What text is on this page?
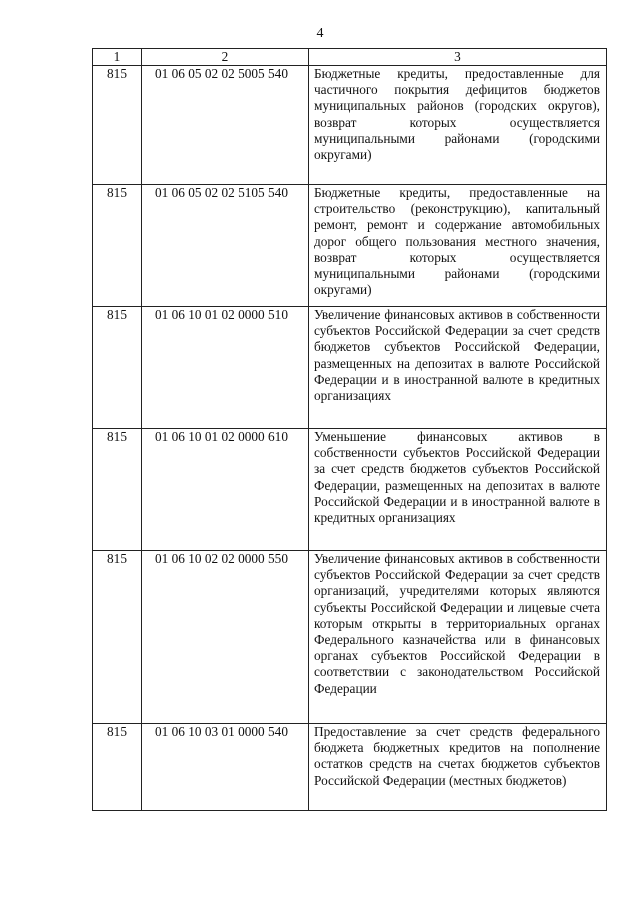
4
1	2	3
815	01 06 05 02 02 5005 540	Бюджетные кредиты, предоставленные для частичного покрытия дефицитов бюджетов муниципальных районов (городских округов), возврат которых осуществляется муниципальными районами (городскими округами)
815	01 06 05 02 02 5105 540	Бюджетные кредиты, предоставленные на строительство (реконструкцию), капитальный ремонт, ремонт и содержание автомобильных дорог общего пользования местного значения, возврат которых осуществляется муниципальными районами (городскими округами)
815	01 06 10 01 02 0000 510	Увеличение финансовых активов в собственности субъектов Российской Федерации за счет средств бюджетов субъектов Российской Федерации, размещенных на депозитах в валюте Российской Федерации и в иностранной валюте в кредитных организациях
815	01 06 10 01 02 0000 610	Уменьшение финансовых активов в собственности субъектов Российской Федерации за счет средств бюджетов субъектов Российской Федерации, размещенных на депозитах в валюте Российской Федерации и в иностранной валюте в кредитных организациях
815	01 06 10 02 02 0000 550	Увеличение финансовых активов в собственности субъектов Российской Федерации за счет средств организаций, учредителями которых являются субъекты Российской Федерации и лицевые счета которым открыты в территориальных органах Федерального казначейства или в финансовых органах субъектов Российской Федерации в соответствии с законодательством Российской Федерации
815	01 06 10 03 01 0000 540	Предоставление за счет средств федерального бюджета бюджетных кредитов на пополнение остатков средств на счетах бюджетов субъектов Российской Федерации (местных бюджетов)
